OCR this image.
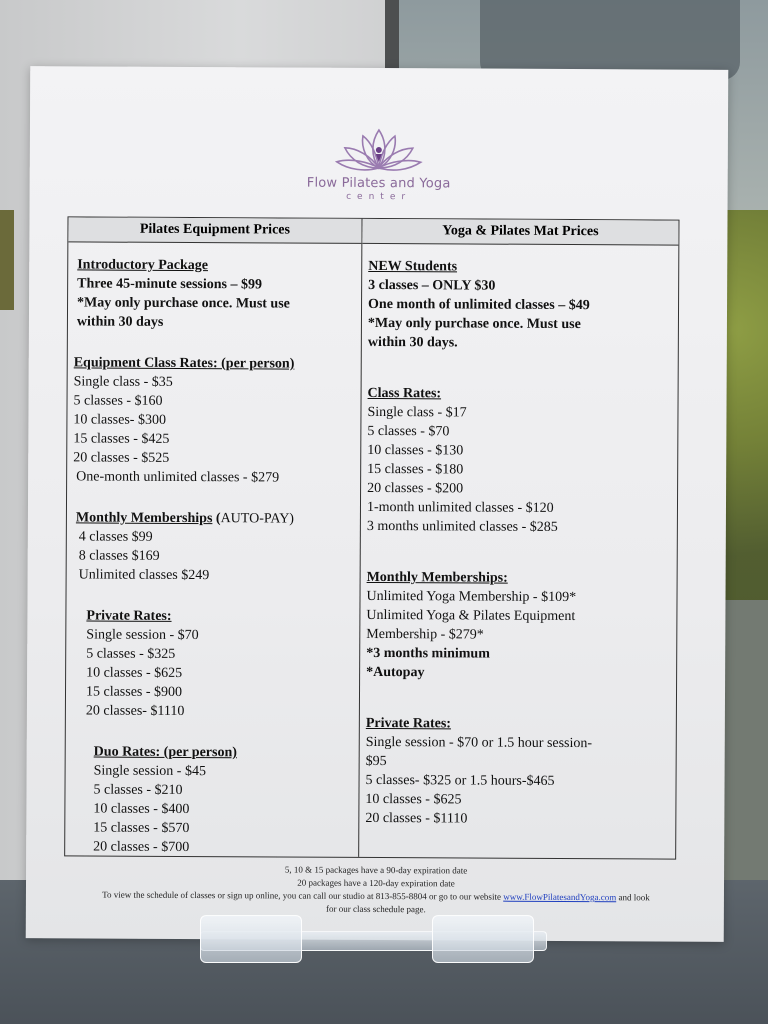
Flow Pilates and Yoga
center
Pilates Equipment Prices	Yoga & Pilates Mat Prices
Introductory Package
Three 45-minute sessions – $99
*May only purchase once. Must use
within 30 days
Equipment Class Rates: (per person)
Single class - $35
5 classes - $160
10 classes- $300
15 classes - $425
20 classes - $525
One-month unlimited classes - $279
Monthly Memberships (AUTO-PAY)
4 classes $99
8 classes $169
Unlimited classes $249
Private Rates:
Single session - $70
5 classes - $325
10 classes - $625
15 classes - $900
20 classes- $1110
Duo Rates: (per person)
Single session - $45
5 classes - $210
10 classes - $400
15 classes - $570
20 classes - $700
NEW Students
3 classes – ONLY $30
One month of unlimited classes – $49
*May only purchase once. Must use
within 30 days.
Class Rates:
Single class - $17
5 classes - $70
10 classes - $130
15 classes - $180
20 classes - $200
1-month unlimited classes - $120
3 months unlimited classes - $285
Monthly Memberships:
Unlimited Yoga Membership - $109*
Unlimited Yoga & Pilates Equipment
Membership - $279*
*3 months minimum
*Autopay
Private Rates:
Single session - $70 or 1.5 hour session-
$95
5 classes- $325 or 1.5 hours-$465
10 classes - $625
20 classes - $1110
5, 10 & 15 packages have a 90-day expiration date
20 packages have a 120-day expiration date
To view the schedule of classes or sign up online, you can call our studio at 813-855-8804 or go to our website www.FlowPilatesandYoga.com and look
for our class schedule page.
